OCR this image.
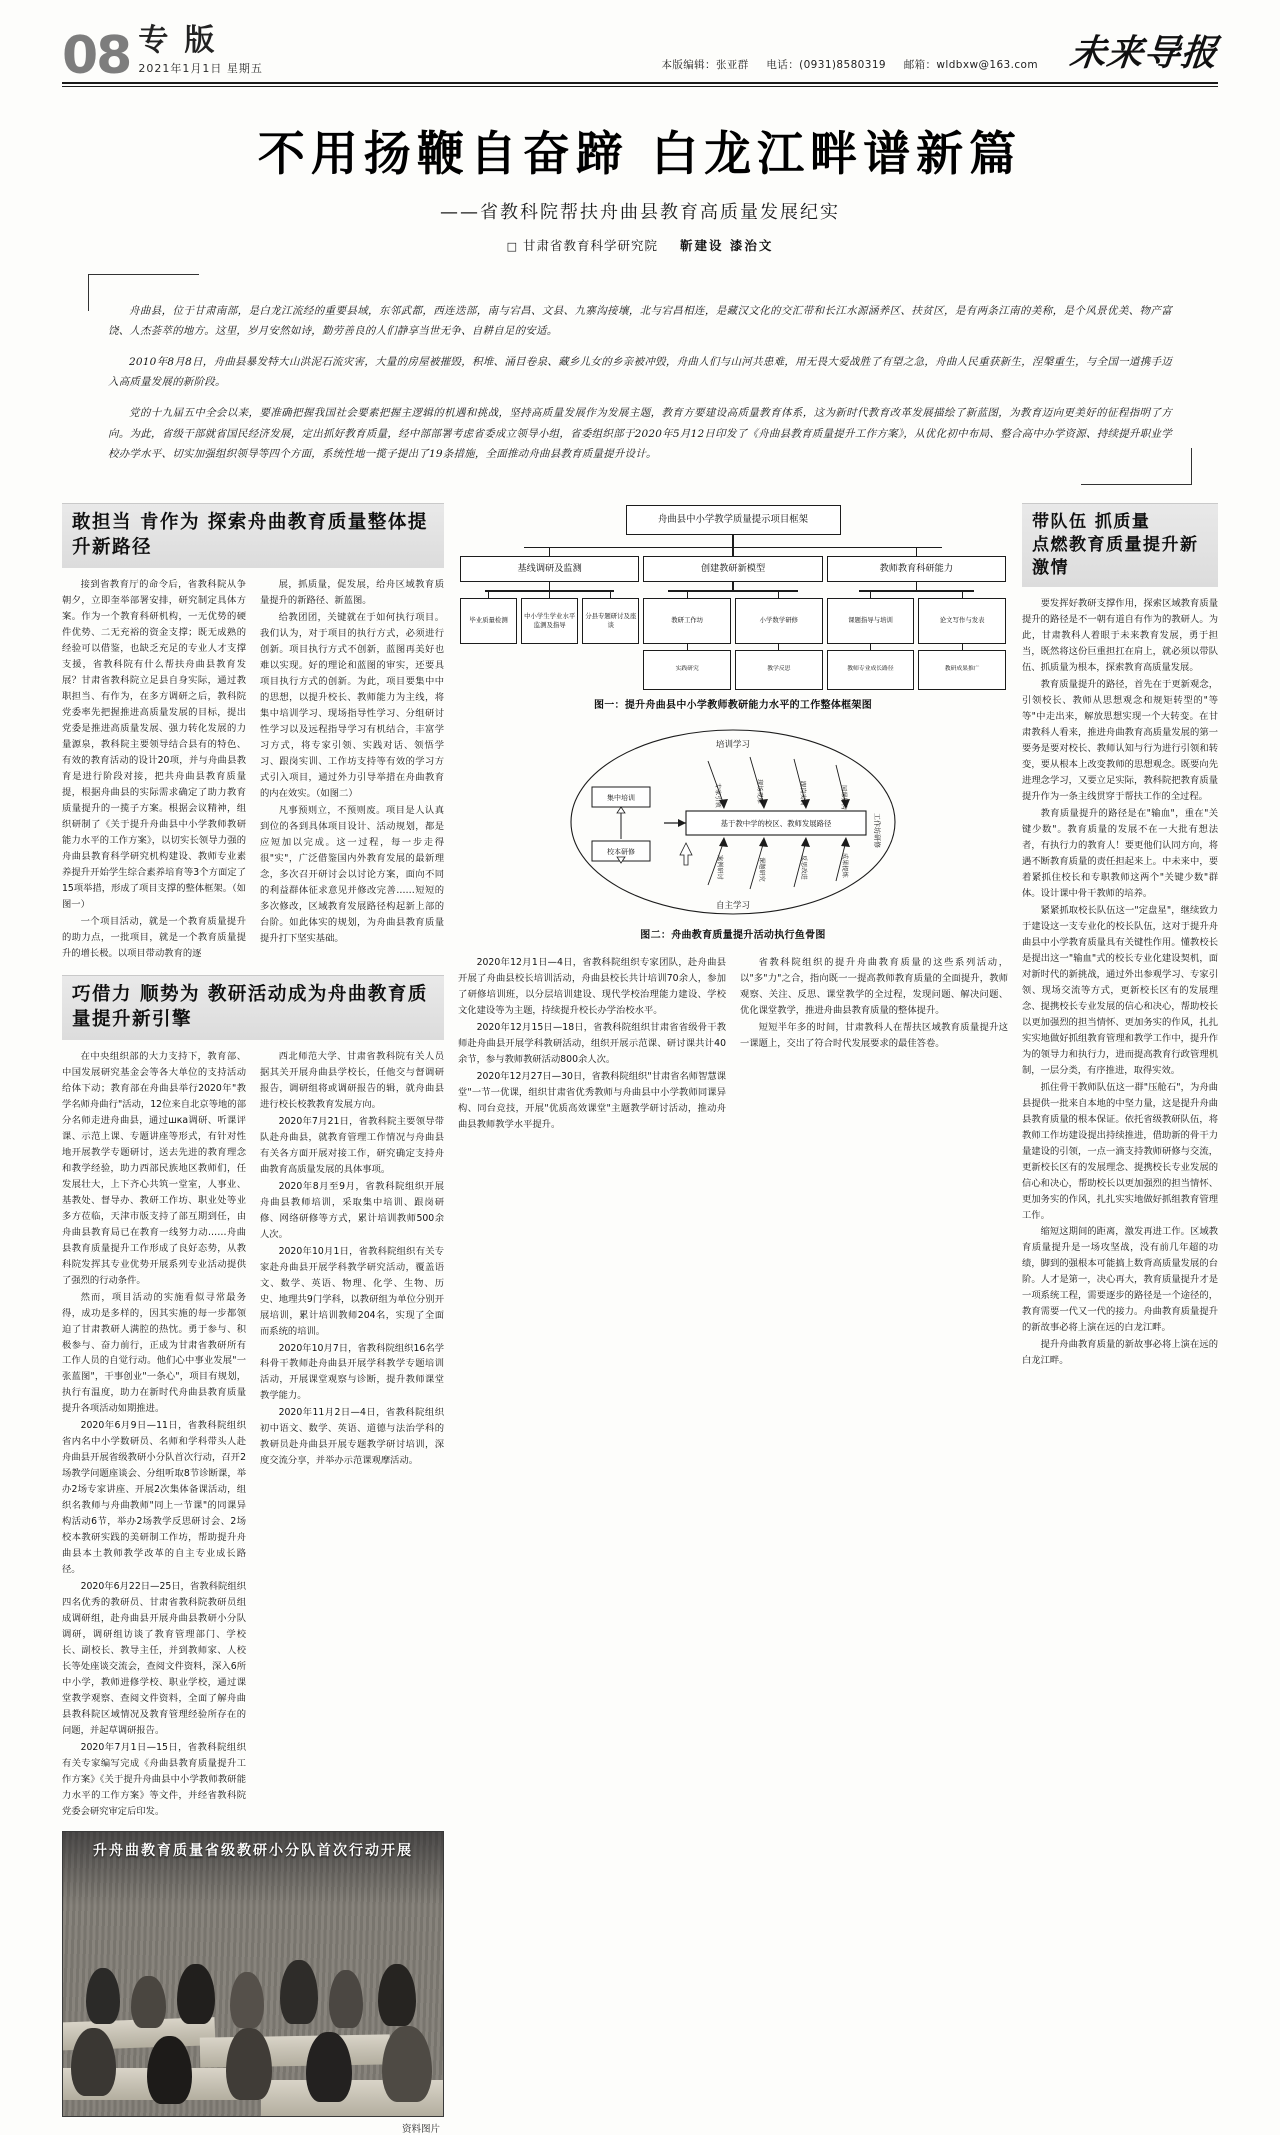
08 专版
2021年1月1日 星期五	本版编辑：张亚群 电话：(0931)8580319 邮箱：wldbxw@163.com 未来导报
不用扬鞭自奋蹄 白龙江畔谱新篇
——省教科院帮扶舟曲县教育高质量发展纪实
□ 甘肃省教育科学研究院 靳建设 漆治文

舟曲县，位于甘肃南部，是白龙江流经的重要县域，东邻武都，西连迭部，南与宕昌、文县、九寨沟接壤，北与宕昌相连，是藏汉文化的交汇带和长江水源涵养区、扶贫区，是有两条江南的美称，是个风景优美、物产富饶、人杰荟萃的地方。这里，岁月安然如诗，勤劳善良的人们静享当世无争、自耕自足的安适。

2010年8月8日，舟曲县暴发特大山洪泥石流灾害，大量的房屋被摧毁，积堆、涌目卷泉、藏乡儿女的乡亲被冲毁，舟曲人们与山河共患难，用无畏大爱战胜了有望之急，舟曲人民重获新生，涅槃重生，与全国一道携手迈入高质量发展的新阶段。

党的十九届五中全会以来，要准确把握我国社会要素把握主逻辑的机遇和挑战，坚持高质量发展作为发展主题，教育方要建设高质量教育体系，这为新时代教育改革发展描绘了新蓝图，为教育迈向更美好的征程指明了方向。为此，省级干部就省国民经济发展，定出抓好教育质量，经中部部署考虑省委成立领导小组，省委组织部于2020年5月12日印发了《舟曲县教育质量提升工作方案》，从优化初中布局、整合高中办学资源、持续提升职业学校办学水平、切实加强组织领导等四个方面，系统性地一揽子提出了19条措施，全面推动舟曲县教育质量提升设计。

敢担当 肯作为 探索舟曲教育质量整体提升新路径

接到省教育厅的命令后，省教科院从争朝夕，立即奎举部署安排，研究制定具体方案。作为一个教育科研机构，一无优势的硬件优势、二无充裕的资金支撑；既无成熟的经验可以借鉴，也缺乏充足的专业人才支撑支援，省教科院有什么帮扶舟曲县教育发展？甘肃省教科院立足县自身实际，通过教职担当、有作为，在多方调研之后，教科院党委率先把握推进高质量发展的目标，提出党委是推进高质量发展、强力转化发展的力量源泉，教科院主要领导结合县有的特色、有效的教育活动的设计20项，并与舟曲县教育是进行阶段对接，把共舟曲县教育质量提，根据舟曲县的实际需求确定了助力教育质量提升的一揽子方案。根据会议精神，组织研制了《关于提升舟曲县中小学教师教研能力水平的工作方案》，以切实长领导力强的舟曲县教育科学研究机构建设、教师专业素养提升开始学生综合素养培育等3个方面定了15项举措，形成了项目支撑的整体框架。（如图一）

一个项目活动，就是一个教育质量提升的助力点，一批项目，就是一个教育质量提升的增长极。以项目带动教育的逐

展，抓质量，促发展，给舟区域教育质量提升的新路径、新蓝图。

给教团团，关键就在于如何执行项目。我们认为，对于项目的执行方式，必须进行创新。项目执行方式不创新，蓝图再美好也难以实现。好的理论和蓝图的审实，还要具项目执行方式的创新。为此，项目要集中中的思想，以提升校长、教师能力为主线，将集中培训学习、现场指导性学习、分组研讨性学习以及远程指导学习有机结合，丰富学习方式，将专家引领、实践对话、领悟学习、跟岗实训、工作坊支持等有效的学习方式引入项目，通过外力引导举措在舟曲教育的内在效实。（如图二）

凡事预则立，不预则废。项目是人认真到位的各到具体项目设计、活动规划，都是应短加以完成。这一过程，每一步走得很"实"，广泛借鉴国内外教育发展的最新理念，多次召开研讨会以讨论方案，面向不同的利益群体征求意见并修改完善……短短的多次修改，区域教育发展路径构起新上部的台阶。如此体实的规划，为舟曲县教育质量提升打下坚实基础。

巧借力 顺势为 教研活动成为舟曲教育质量提升新引擎

在中央组织部的大力支持下，教育部、中国发展研究基金会等各大单位的支持活动给体下动；教育部在舟曲县举行2020年"教学名师舟曲行"活动，12位来自北京等地的部分名师走进舟曲县，通过шка调研、听课评课、示范上课、专题讲座等形式，有针对性地开展教学专题研讨，送去先进的教育理念和教学经验，助力西部民族地区教师们，任发展壮大，上下齐心共筑一堂室，人事业、基教处、督导办、教研工作坊、职业处等业多方莅临，天津市版支持了部互期到任，由舟曲县教育局已在教育一线努力动……舟曲县教育质量提升工作形成了良好态势，从教科院发挥其专业优势开展系列专业活动提供了强烈的行动条件。

然而，项目活动的实施看似寻常最务得，成功是多样的，因其实施的每一步都领迫了甘肃教研人满腔的热忱。勇于参与、积极参与、奋力前行，正成为甘肃省教研所有工作人员的自觉行动。他们心中事业发展"一张蓝图"，干事创业"一条心"，项目有规划，执行有温度，助力在新时代舟曲县教育质量提升各项活动如期推进。

2020年6月9日—11日，省教科院组织省内名中小学数研员、名师和学科带头人赴舟曲县开展省级教研小分队首次行动，召开2场教学问题座谈会、分组听取8节诊断课，举办2场专家讲座、开展2次集体备课活动，组织名教师与舟曲教师"同上一节课"的同课异构活动6节，举办2场教学反思研讨会、2场校本教研实践的美研制工作坊，帮助提升舟曲县本土教师教学改革的自主专业成长路径。

2020年6月22日—25日，省教科院组织四名优秀的教研员、甘肃省教科院教研员组成调研组，赴舟曲县开展舟曲县教研小分队调研，调研组访谈了教育管理部门、学校长、副校长、教导主任，并到教师家、人校长等处座谈交流会，查阅文件资料，深入6所中小学，教师进修学校、职业学校，通过课堂教学观察、查阅文件资料，全面了解舟曲县教科院区域情况及教育管理经验所存在的问题，并起草调研报告。

2020年7月1日—15日，省教科院组织有关专家编写完成《舟曲县教育质量提升工作方案》《关于提升舟曲县中小学教师教研能力水平的工作方案》等文件，并经省教科院党委会研究审定后印发。

西北师范大学、甘肃省教科院有关人员据其关开展舟曲县学校长，任他交与督调研报告，调研组将或调研报告的辑，就舟曲县进行校长校教教育发展方向。

2020年7月21日，省教科院主要领导带队赴舟曲县，就教育管理工作情况与舟曲县有关各方面开展对接工作，研究确定支持舟曲教育高质量发展的具体事项。

2020年8月至9月，省教科院组织开展舟曲县教师培训，采取集中培训、跟岗研修、网络研修等方式，累计培训教师500余人次。

2020年10月1日，省教科院组织有关专家赴舟曲县开展学科教学研究活动，覆盖语文、数学、英语、物理、化学、生物、历史、地理共9门学科，以教研组为单位分别开展培训，累计培训教师204名，实现了全面而系统的培训。

2020年10月7日，省教科院组织16名学科骨干教师赴舟曲县开展学科教学专题培训活动，开展课堂观察与诊断，提升教师课堂教学能力。

2020年11月2日—4日，省教科院组织初中语文、数学、英语、道德与法治学科的教研员赴舟曲县开展专题教学研讨培训，深度交流分享，并举办示范课观摩活动。

升舟曲教育质量省级教研小分队首次行动开展
资料图片
舟曲县中小学教学质量提示项目框架
基线调研及监测
毕业质量检测
中小学生学业水平监测及指导
分县专题研讨及座谈
创建教研新模型
教研工作坊
实践研究
小学数学研修
教学反思
教师教育科研能力
课题指导与培训
教师专业成长路径
论文写作与发表
教研成果推广
图一：提升舟曲县中小学教师教研能力水平的工作整体框架图
培训学习
自主学习
工作坊研修
集中培训
校本研修
基于教中学的校区、教师发展路径
专家引领	现场观摩	跟岗实训	同课异构
案例研讨	课题研究	反思改进	成果提炼
图二：舟曲教育质量提升活动执行鱼骨图

2020年12月1日—4日，省教科院组织专家团队，赴舟曲县开展了舟曲县校长培训活动，舟曲县校长共计培训70余人，参加了研修培训班，以分层培训建设、现代学校治理能力建设、学校文化建设等为主题，持续提升校长办学治校水平。

2020年12月15日—18日，省教科院组织甘肃省省级骨干教师赴舟曲县开展学科教研活动，组织开展示范课、研讨课共计40余节，参与教师教研活动800余人次。

2020年12月27日—30日，省教科院组织"甘肃省名师智慧课堂"一节一优课，组织甘肃省优秀教师与舟曲县中小学教师同课异构、同台竞技，开展"优质高效课堂"主题教学研讨活动，推动舟曲县教师教学水平提升。

省教科院组织的提升舟曲教育质量的这些系列活动，以"多"力"之合，指向既一一提高教师教育质量的全面提升，教师观察、关注、反思、课堂教学的全过程，发现问题、解决问题、优化课堂教学，推进舟曲县教育质量的整体提升。

短短半年多的时间，甘肃教科人在帮扶区域教育质量提升这一课题上，交出了符合时代发展要求的最佳答卷。

带队伍 抓质量
点燃教育质量提升新激情

要发挥好教研支撑作用，探索区域教育质量提升的路径是不一朝有道自有作为的教研人。为此，甘肃教科人着眼于未来教育发展，勇于担当，既然将这份巨重担扛在肩上，就必须以带队伍、抓质量为根本，探索教育高质量发展。

教育质量提升的路径，首先在于更新观念，引领校长、教师从思想观念和规矩转型的"等等"中走出来，解放思想实现一个大转变。在甘肃教科人看来，推进舟曲教育高质量发展的第一要务是要对校长、教师认知与行为进行引领和转变，要从根本上改变教师的思想观念。既要向先进理念学习，又要立足实际，教科院把教育质量提升作为一条主线贯穿于帮扶工作的全过程。

教育质量提升的路径是在"输血"，重在"关键少数"。教育质量的发展不在一大批有想法者，有执行力的教育人！要更他们认同方向，将遇不断教育质量的责任担起来上。中未来中，要着紧抓住校长和专职教师这两个"关键少数"群体。设计课中骨干教师的培养。

紧紧抓取校长队伍这一"定盘星"，继续致力于建设这一支专业化的校长队伍，这对于提升舟曲县中小学教育质量具有关键性作用。懂教校长是提出这一"输血"式的校长专业化建设契机，面对新时代的新挑战，通过外出参观学习、专家引领、现场交流等方式，更新校长区有的发展理念、提携校长专业发展的信心和决心，帮助校长以更加强烈的担当情怀、更加务实的作风，扎扎实实地做好抓组教育管理和教学工作中，提升作为的领导力和执行力，进而提高教育行政管理机制，一层分类，有序推进，取得实效。

抓住骨干教师队伍这一群"压舱石"，为舟曲县提供一批来自本地的中坚力量，这是提升舟曲县教育质量的根本保证。依托省级教研队伍，将教师工作坊建设提出持续推进，借助新的骨干力量建设的引领，一点一滴支持教师研修与交流，更新校长区有的发展理念、提携校长专业发展的信心和决心，帮助校长以更加强烈的担当情怀、更加务实的作风，扎扎实实地做好抓组教育管理工作。

缩短这期间的距离，激发再进工作。区域教育质量提升是一场攻坚战，没有前几年超的功绩，脚到的强根本可能搞上数背高质量发展的台阶。人才是第一，决心再大，教育质量提升才是一项系统工程，需要逐步的路径是一个途径的，教育需要一代又一代的接力。舟曲教育质量提升的新故事必将上演在远的白龙江畔。

提升舟曲教育质量的新故事必将上演在远的白龙江畔。
